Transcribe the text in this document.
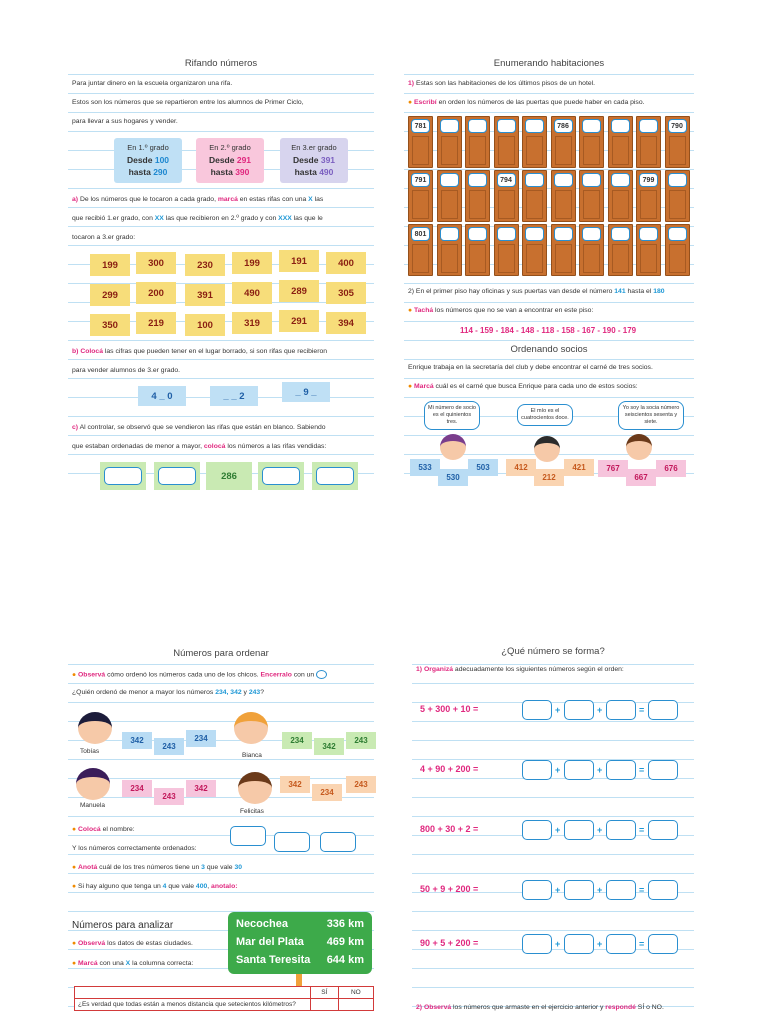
Rifando números
Para juntar dinero en la escuela organizaron una rifa.
Estos son los números que se repartieron entre los alumnos de Primer Ciclo,
para llevar a sus hogares y vender.
En 1.º grado
Desde 100
hasta 290
En 2.º grado
Desde 291
hasta 390
En 3.er grado
Desde 391
hasta 490
a) De los números que le tocaron a cada grado, marcá en estas rifas con una X las
que recibió 1.er grado, con XX las que recibieron en 2.º grado y con XXX las que le
tocaron a 3.er grado:
199	300	230	199	191	400
299	200	391	490	289	305
350	219	100	319	291	394
b) Colocá las cifras que pueden tener en el lugar borrado, si son rifas que recibieron
para vender alumnos de 3.er grado.
4 _ 0	_ _ 2	_ 9 _
c) Al controlar, se observó que se vendieron las rifas que están en blanco. Sabiendo
que estaban ordenadas de menor a mayor, colocá los números a las rifas vendidas:
286
Enumerando habitaciones
1) Estas son las habitaciones de los últimos pisos de un hotel.
● Escribí en orden los números de las puertas que puede haber en cada piso.
781	786	790
791	794	799
801
2) En el primer piso hay oficinas y sus puertas van desde el número 141 hasta el 180
● Tachá los números que no se van a encontrar en este piso:
114 - 159 - 184 - 148 - 118 - 158 - 167 - 190 - 179
Ordenando socios
Enrique trabaja en la secretaría del club y debe encontrar el carné de tres socios.
● Marcá cuál es el carné que busca Enrique para cada uno de estos socios:
Mi número de socio es el quinientos tres.
El mío es el cuatrocientos doce.
Yo soy la socia número seiscientos sesenta y siete.
533
530
503	412
212
421	767
667
676
Números para ordenar
● Observá cómo ordenó los números cada uno de los chicos. Encerralo con un
¿Quién ordenó de menor a mayor los números 234, 342 y 243?
Tobías
342
243
234
Bianca
234
342
243
Manuela
234
243
342
Felicitas
342
234
243
● Colocá el nombre:
Y los números correctamente ordenados:
● Anotá cuál de los tres números tiene un 3 que vale 30
● Si hay alguno que tenga un 4 que vale 400, anotalo:
Números para analizar
● Observá los datos de estas ciudades.
● Marcá con una X la columna correcta:
Necochea	336 km
Mar del Plata 469 km
Santa Teresita 644 km
	SÍ	NO
¿Es verdad que todas están a menos distancia que setecientos kilómetros?		
¿Qué número se forma?
1) Organizá adecuadamente los siguientes números según el orden:
5 + 300 + 10 =	+	+	=
4 + 90 + 200 =	+	+	=
800 + 30 + 2 =	+	+	=
50 + 9 + 200 =	+	+	=
90 + 5 + 200 =	+	+	=
2) Observá los números que armaste en el ejercicio anterior y respondé SÍ o NO.
